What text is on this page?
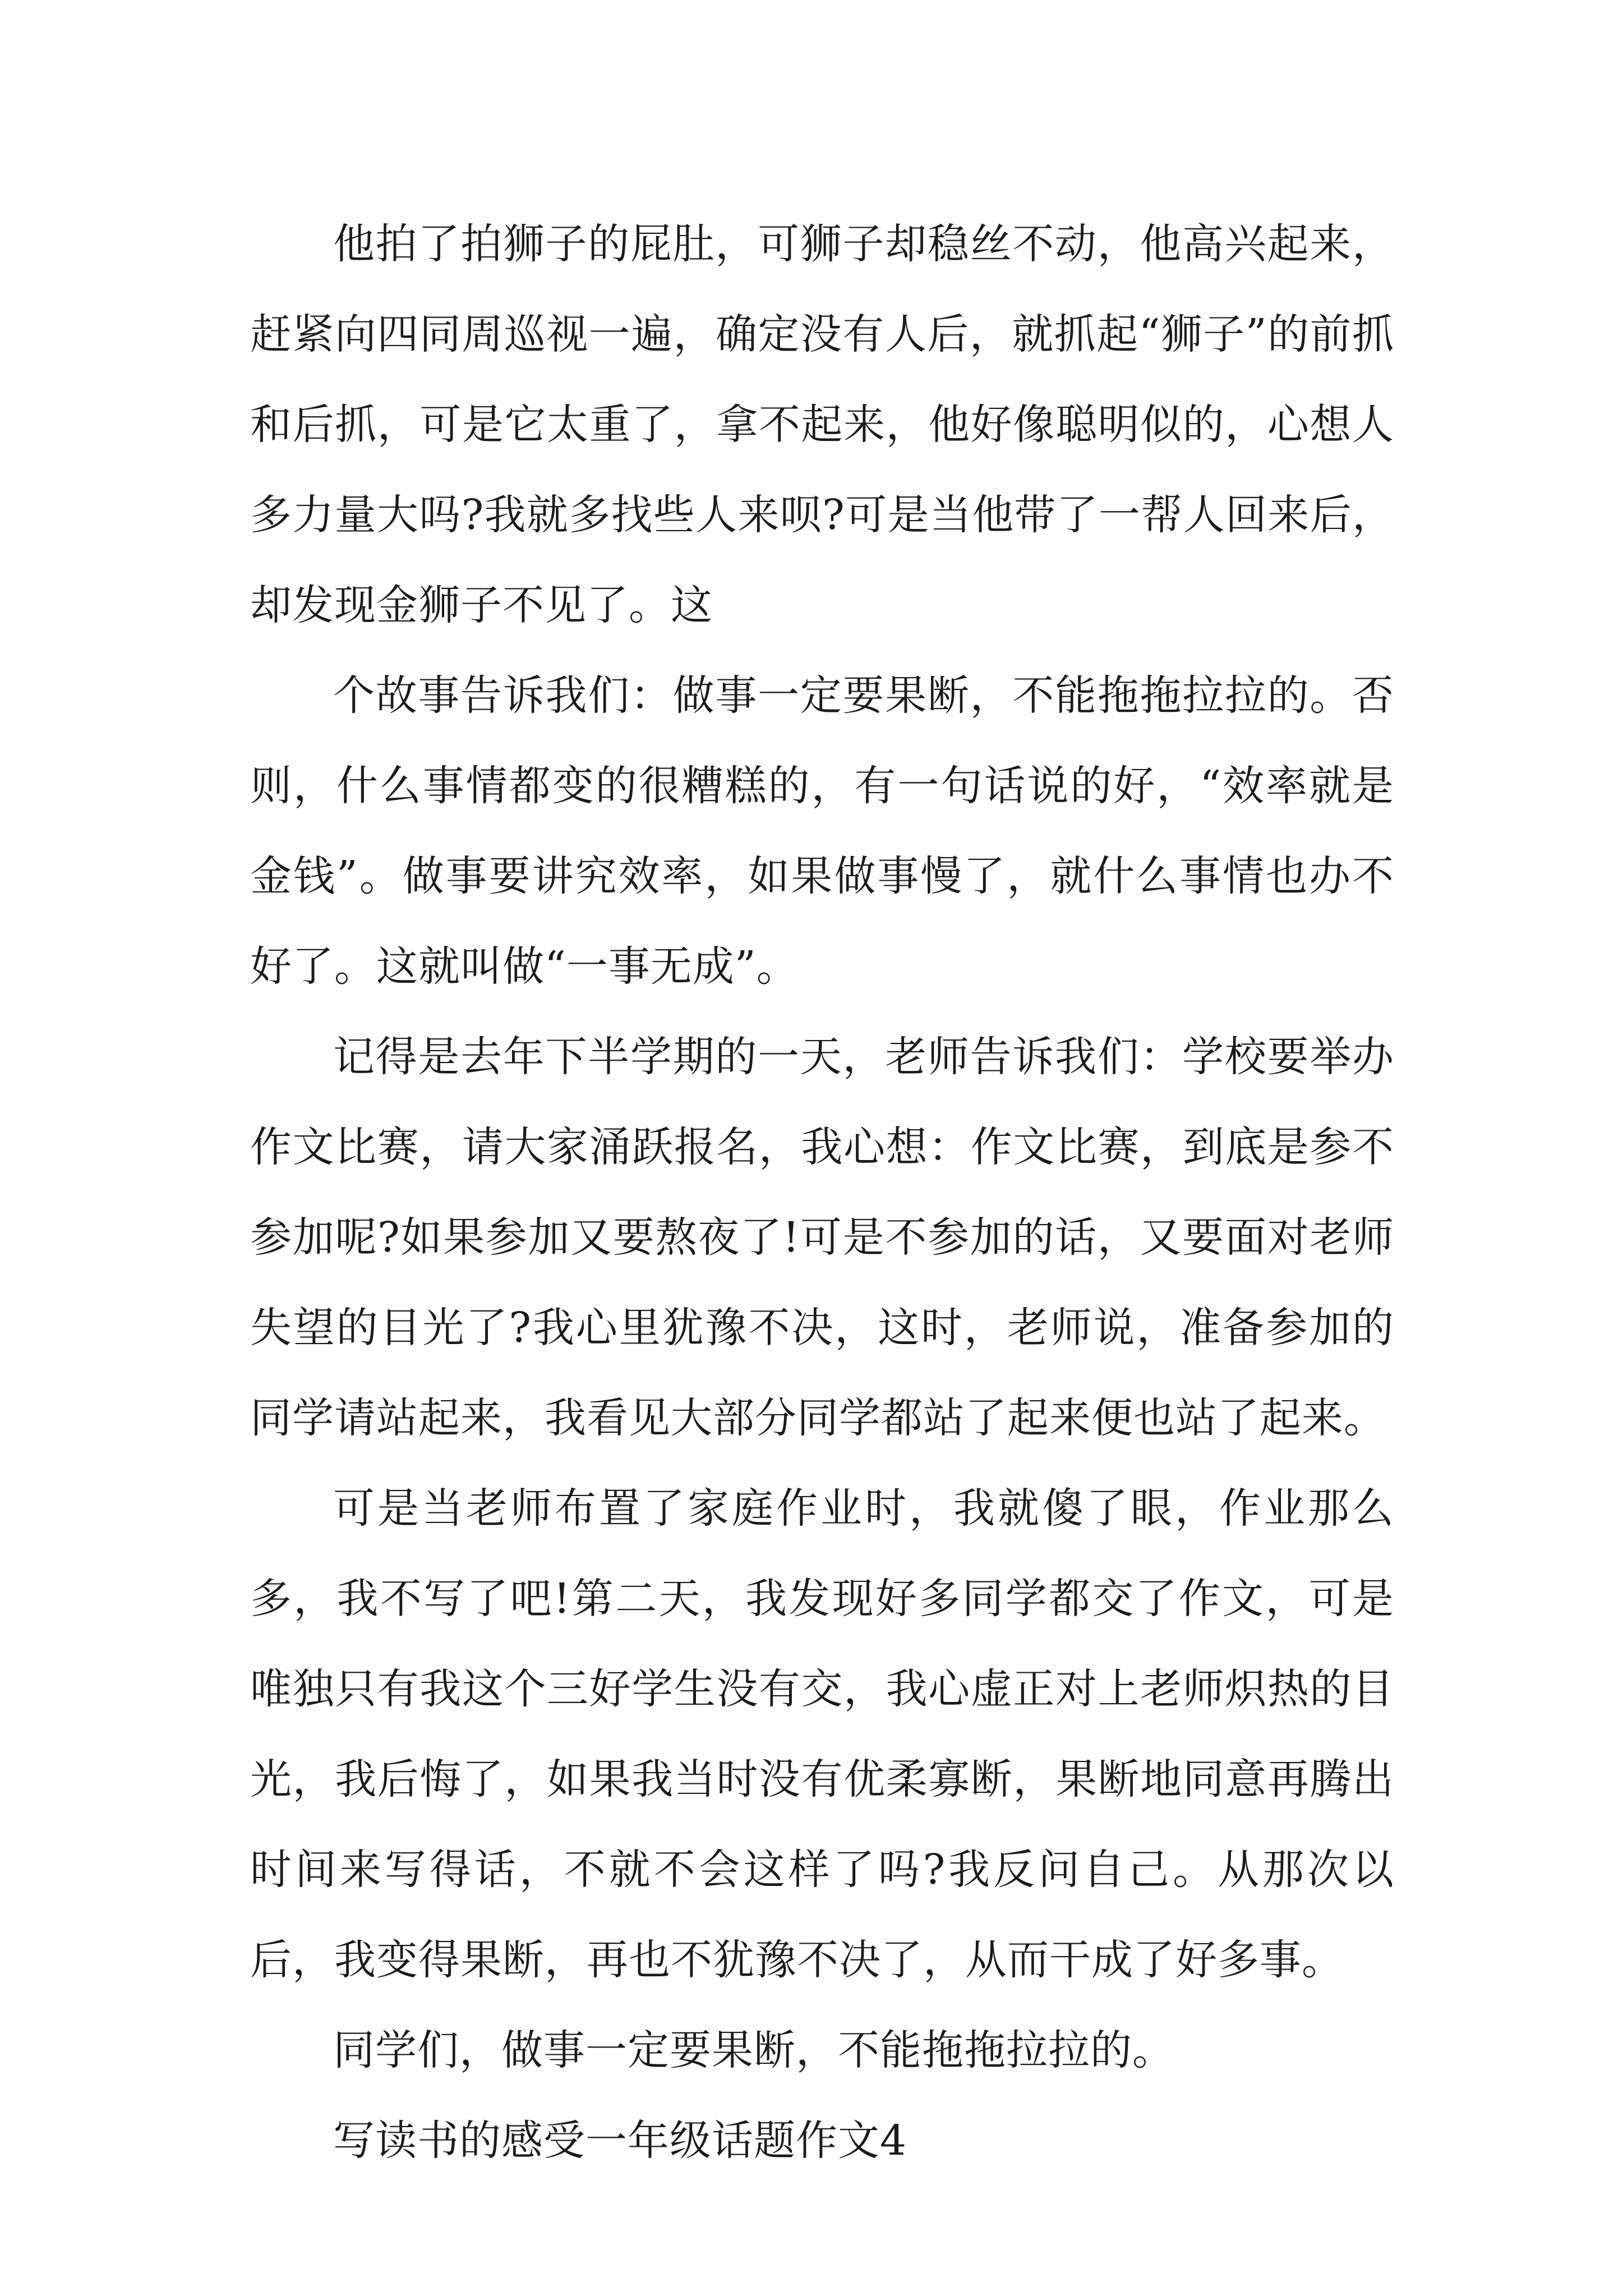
他拍了拍狮子的屁肚，可狮子却稳丝不动，他高兴起来，赶紧向四同周巡视一遍，确定没有人后，就抓起“狮子”的前抓和后抓，可是它太重了，拿不起来，他好像聪明似的，心想人多力量大吗?我就多找些人来呗?可是当他带了一帮人回来后，却发现金狮子不见了。这

个故事告诉我们：做事一定要果断，不能拖拖拉拉的。否则，什么事情都变的很糟糕的，有一句话说的好，“效率就是金钱”。做事要讲究效率，如果做事慢了，就什么事情也办不好了。这就叫做“一事无成”。

记得是去年下半学期的一天，老师告诉我们：学校要举办作文比赛，请大家涌跃报名，我心想：作文比赛，到底是参不参加呢?如果参加又要熬夜了!可是不参加的话，又要面对老师失望的目光了?我心里犹豫不决，这时，老师说，准备参加的同学请站起来，我看见大部分同学都站了起来便也站了起来。

可是当老师布置了家庭作业时，我就傻了眼，作业那么多，我不写了吧!第二天，我发现好多同学都交了作文，可是唯独只有我这个三好学生没有交，我心虚正对上老师炽热的目光，我后悔了，如果我当时没有优柔寡断，果断地同意再腾出时间来写得话，不就不会这样了吗?我反问自己。从那次以后，我变得果断，再也不犹豫不决了，从而干成了好多事。

同学们，做事一定要果断，不能拖拖拉拉的。

写读书的感受一年级话题作文4
